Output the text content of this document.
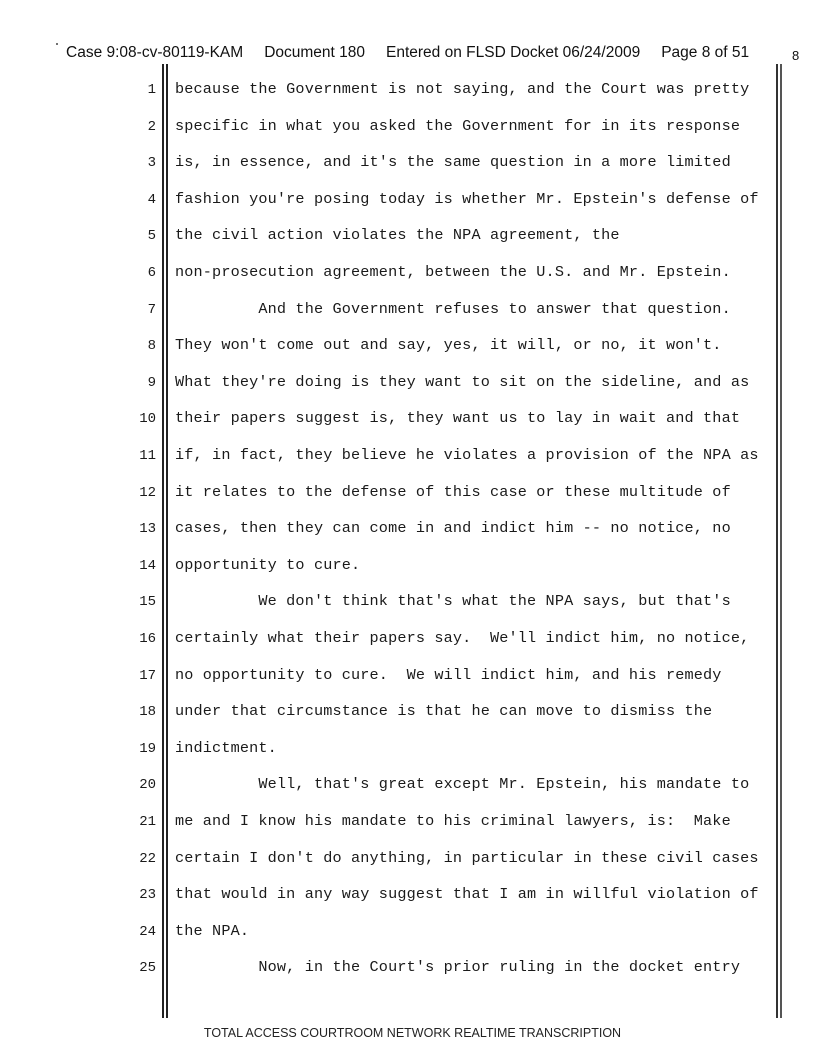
Case 9:08-cv-80119-KAM Document 180 Entered on FLSD Docket 06/24/2009 Page 8 of 51	8
1 because the Government is not saying, and the Court was pretty
2 specific in what you asked the Government for in its response
3 is, in essence, and it's the same question in a more limited
4 fashion you're posing today is whether Mr. Epstein's defense of
5 the civil action violates the NPA agreement, the
6 non-prosecution agreement, between the U.S. and Mr. Epstein.
7 And the Government refuses to answer that question.
8 They won't come out and say, yes, it will, or no, it won't.
9 What they're doing is they want to sit on the sideline, and as
10 their papers suggest is, they want us to lay in wait and that
11 if, in fact, they believe he violates a provision of the NPA as
12 it relates to the defense of this case or these multitude of
13 cases, then they can come in and indict him -- no notice, no
14 opportunity to cure.
15 We don't think that's what the NPA says, but that's
16 certainly what their papers say.  We'll indict him, no notice,
17 no opportunity to cure.  We will indict him, and his remedy
18 under that circumstance is that he can move to dismiss the
19 indictment.
20 Well, that's great except Mr. Epstein, his mandate to
21 me and I know his mandate to his criminal lawyers, is:  Make
22 certain I don't do anything, in particular in these civil cases
23 that would in any way suggest that I am in willful violation of
24 the NPA.
25 Now, in the Court's prior ruling in the docket entry
TOTAL ACCESS COURTROOM NETWORK REALTIME TRANSCRIPTION
